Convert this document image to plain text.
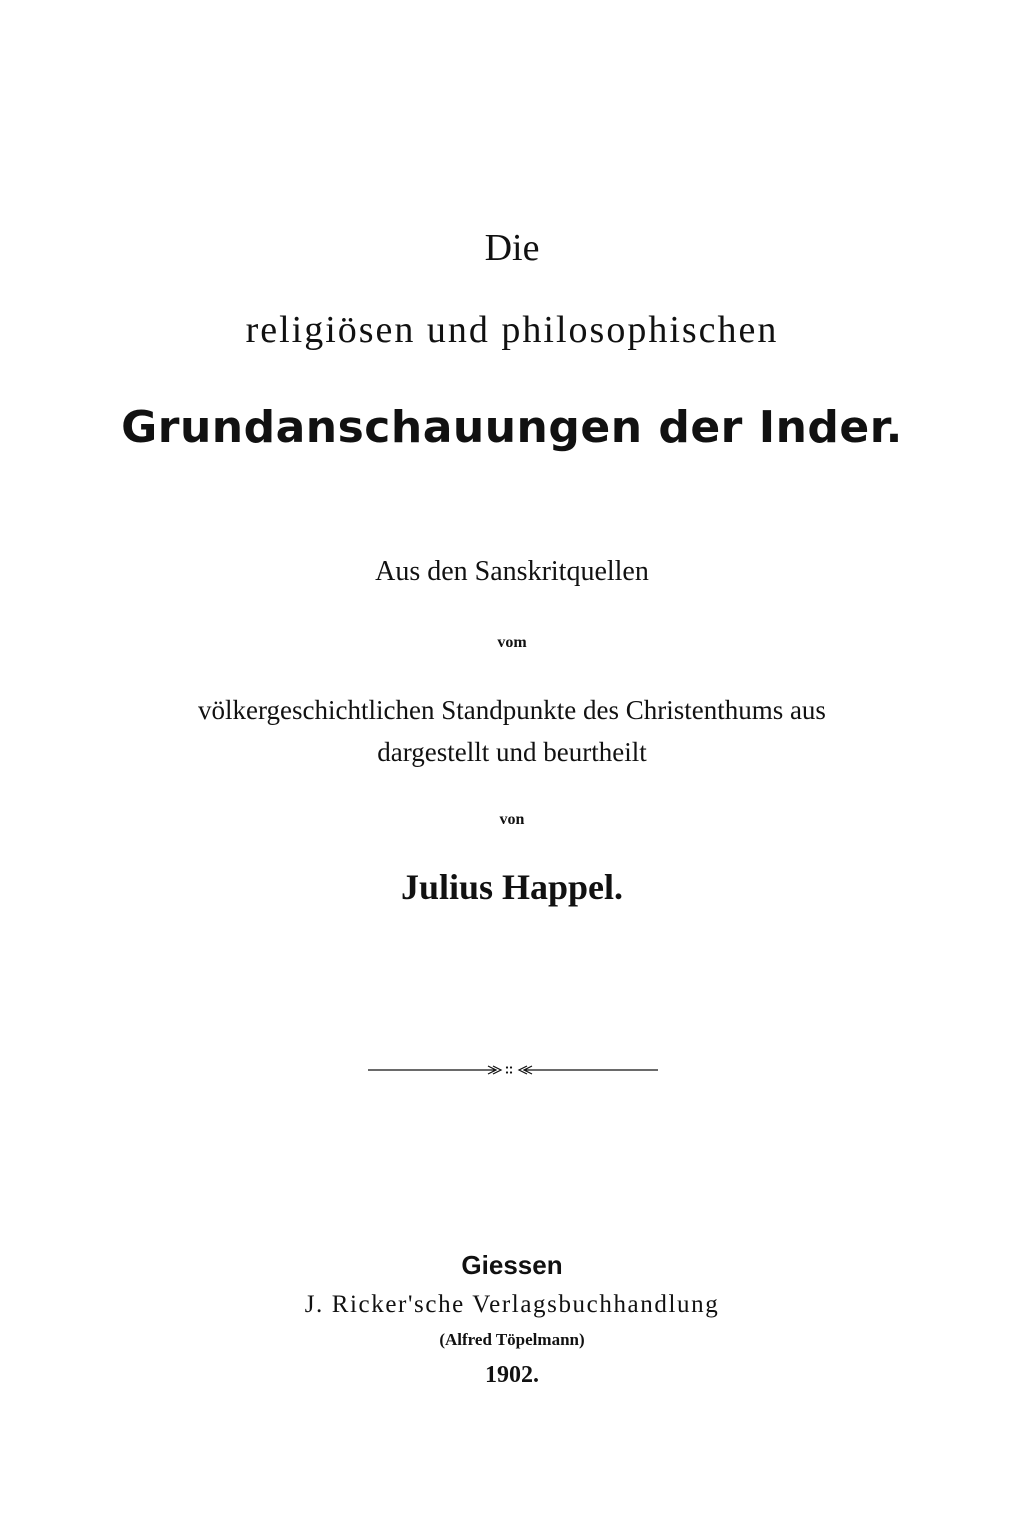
Die
religiösen und philosophischen
Grundanschauungen der Inder.
Aus den Sanskritquellen
vom
völkergeschichtlichen Standpunkte des Christenthums aus
dargestellt und beurtheilt
von
Julius Happel.
Giessen
J. Ricker'sche Verlagsbuchhandlung
(Alfred Töpelmann)
1902.
